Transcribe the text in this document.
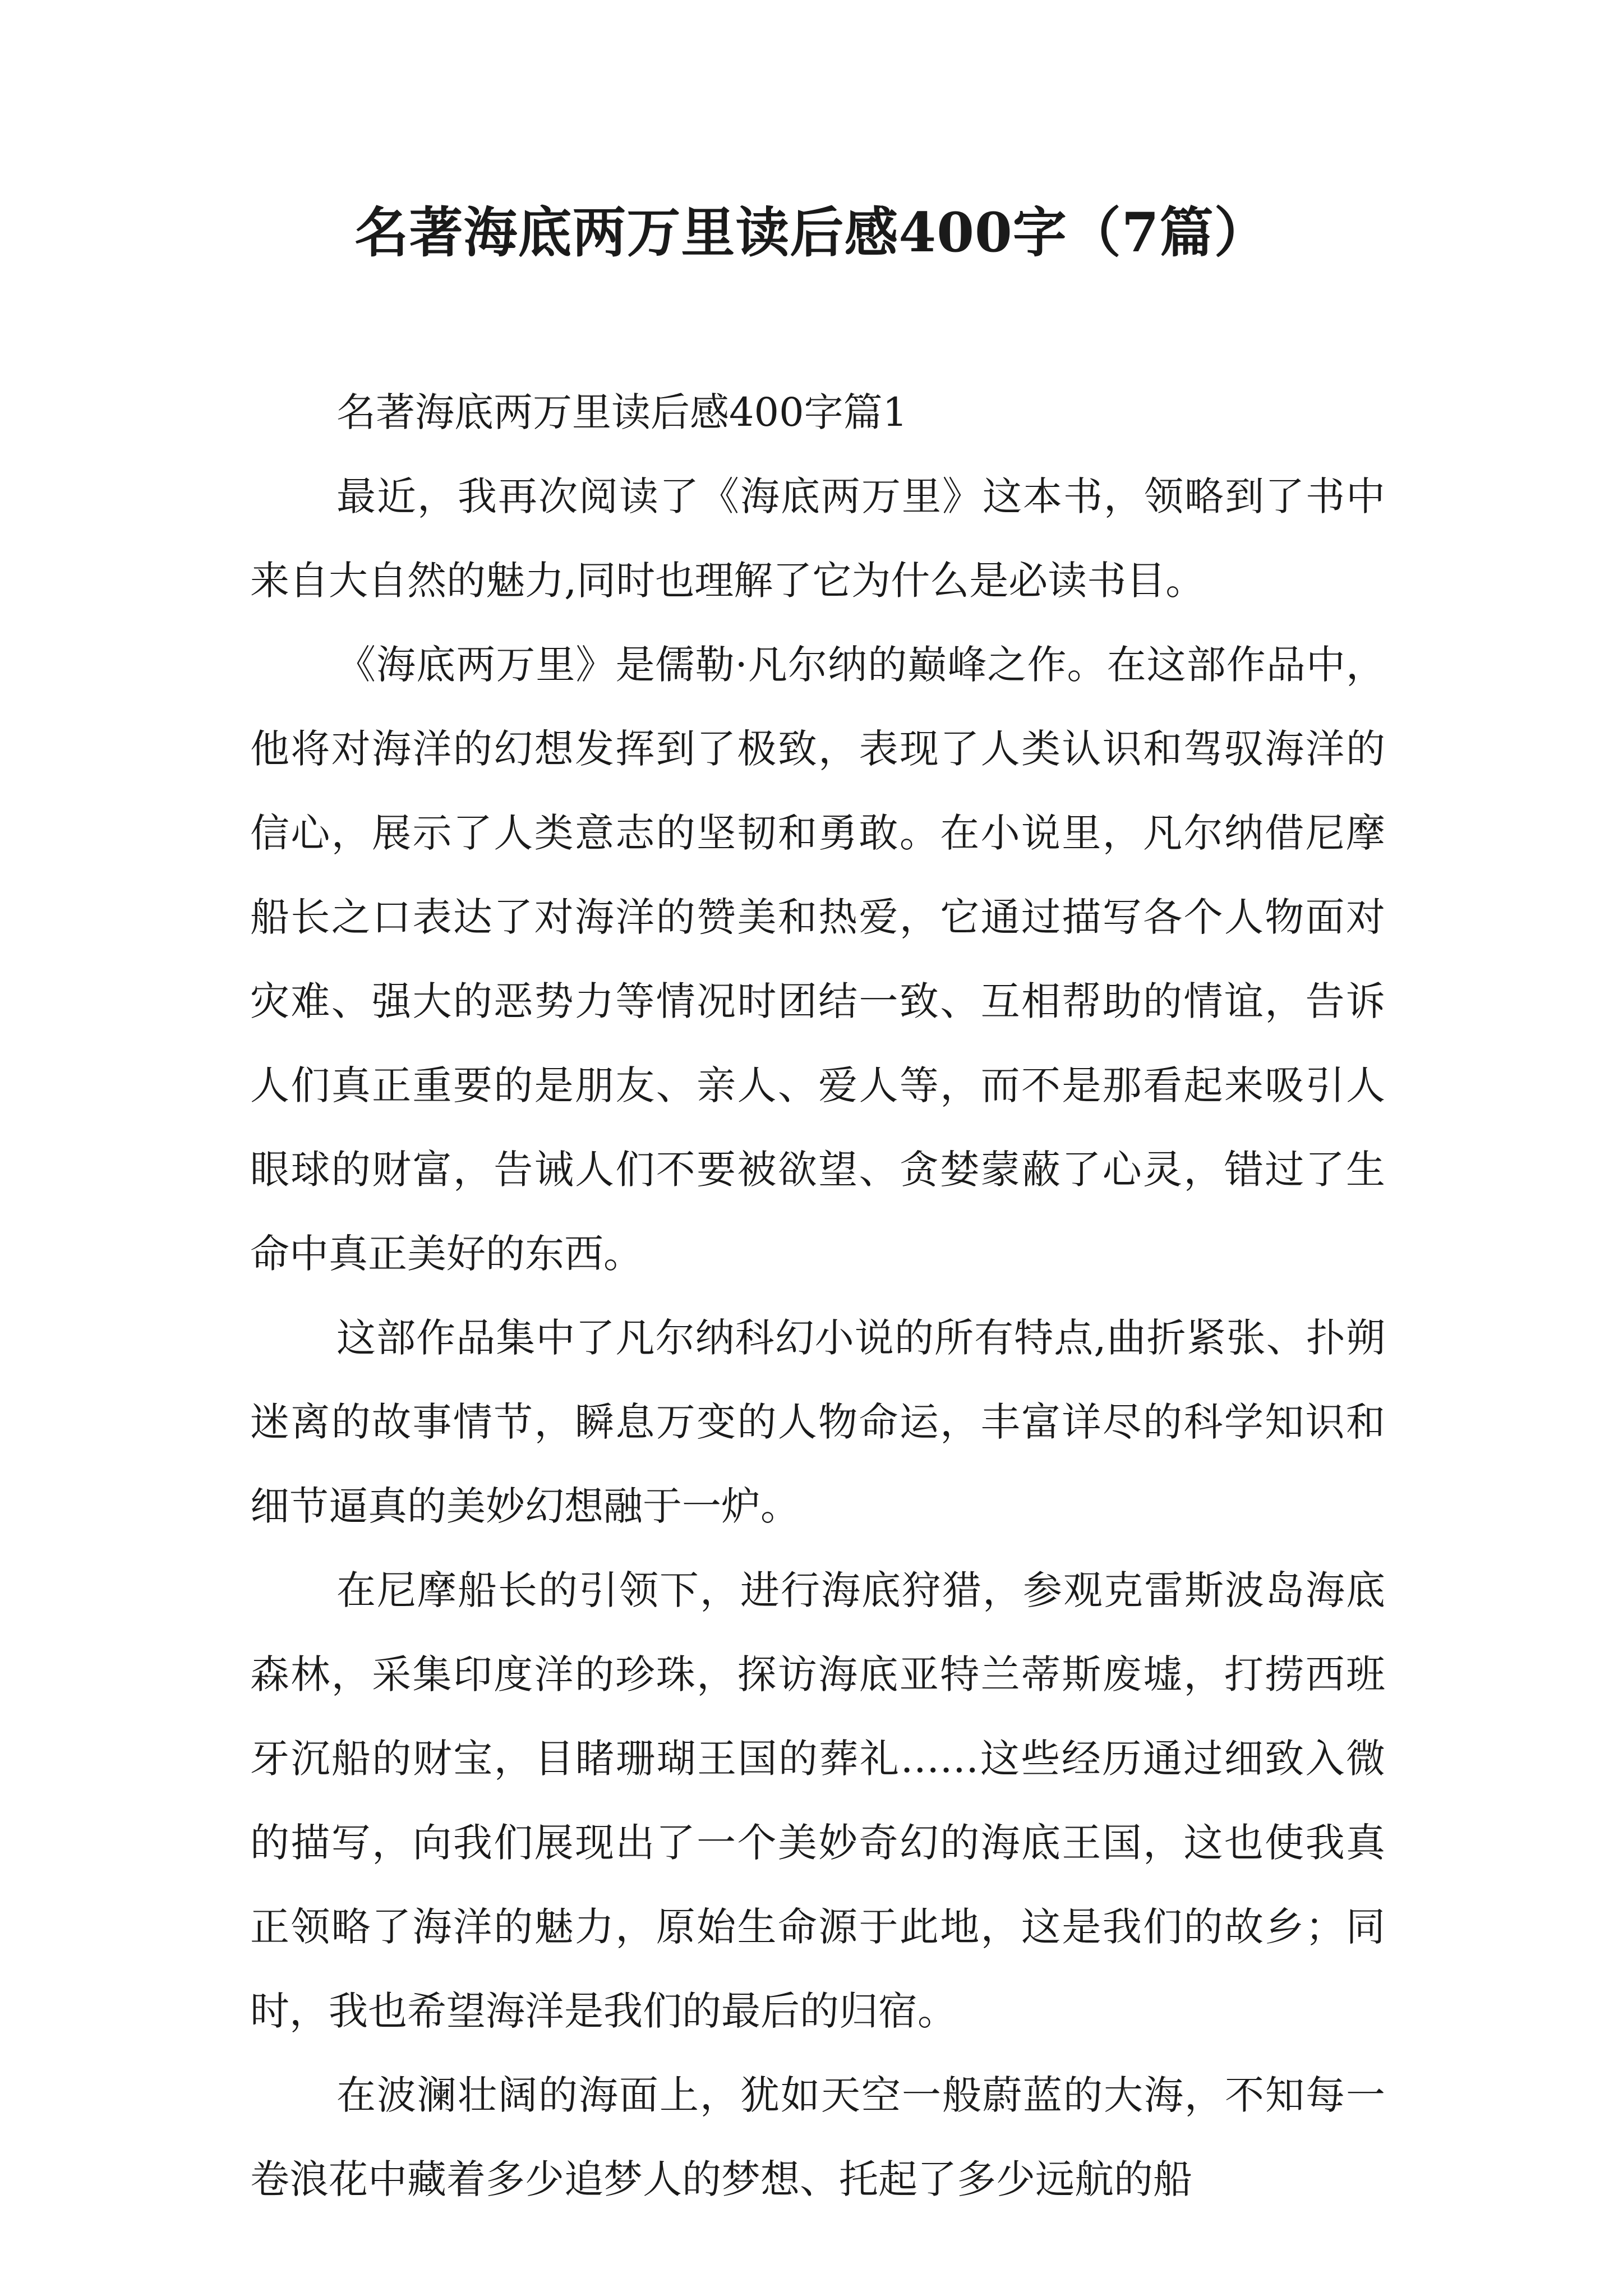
名著海底两万里读后感400字（7篇）

名著海底两万里读后感400字篇1

最近，我再次阅读了《海底两万里》这本书，领略到了书中来自大自然的魅力,同时也理解了它为什么是必读书目。

《海底两万里》是儒勒·凡尔纳的巅峰之作。在这部作品中，他将对海洋的幻想发挥到了极致，表现了人类认识和驾驭海洋的信心，展示了人类意志的坚韧和勇敢。在小说里，凡尔纳借尼摩船长之口表达了对海洋的赞美和热爱，它通过描写各个人物面对灾难、强大的恶势力等情况时团结一致、互相帮助的情谊，告诉人们真正重要的是朋友、亲人、爱人等，而不是那看起来吸引人眼球的财富，告诫人们不要被欲望、贪婪蒙蔽了心灵，错过了生命中真正美好的东西。

这部作品集中了凡尔纳科幻小说的所有特点,曲折紧张、扑朔迷离的故事情节，瞬息万变的人物命运，丰富详尽的科学知识和细节逼真的美妙幻想融于一炉。

在尼摩船长的引领下，进行海底狩猎，参观克雷斯波岛海底森林，采集印度洋的珍珠，探访海底亚特兰蒂斯废墟，打捞西班牙沉船的财宝，目睹珊瑚王国的葬礼……这些经历通过细致入微的描写，向我们展现出了一个美妙奇幻的海底王国，这也使我真正领略了海洋的魅力，原始生命源于此地，这是我们的故乡；同时，我也希望海洋是我们的最后的归宿。

在波澜壮阔的海面上，犹如天空一般蔚蓝的大海，不知每一卷浪花中藏着多少追梦人的梦想、托起了多少远航的船
